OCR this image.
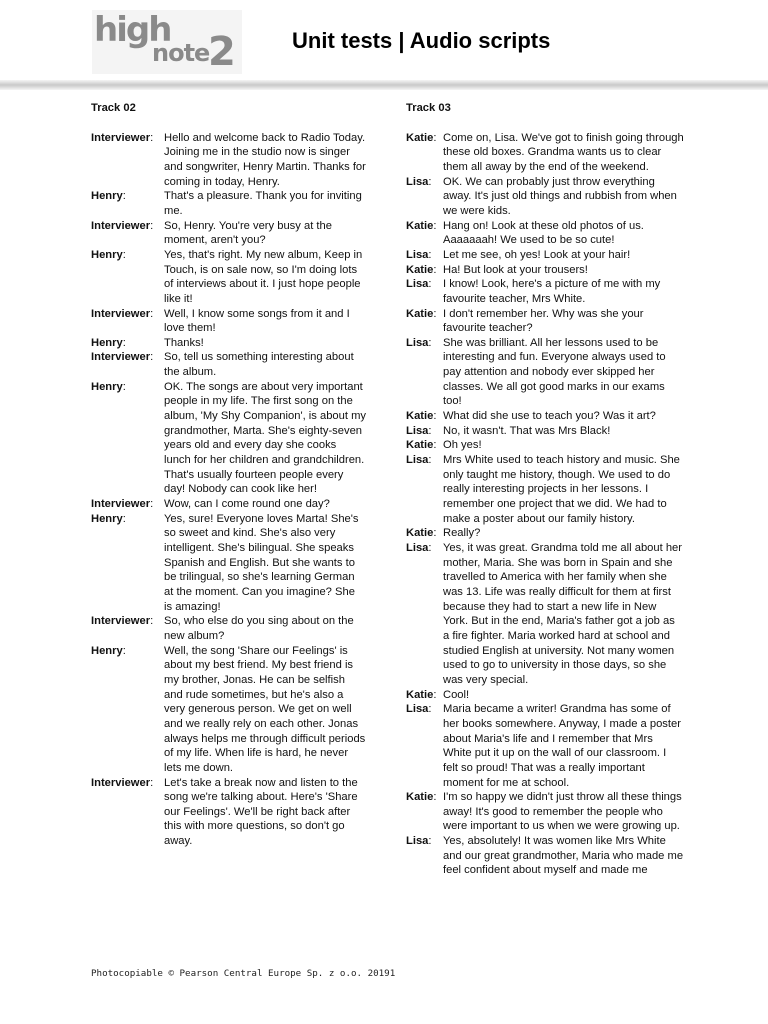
high
note
2	Unit tests | Audio scripts
Track 02
Interviewer: Hello and welcome back to Radio Today. Joining me in the studio now is singer and songwriter, Henry Martin. Thanks for coming in today, Henry.
Henry:	That's a pleasure. Thank you for inviting me.
Interviewer: So, Henry. You're very busy at the moment, aren't you?
Henry:	Yes, that's right. My new album, Keep in Touch, is on sale now, so I'm doing lots of interviews about it. I just hope people like it!
Interviewer: Well, I know some songs from it and I love them!
Henry:	Thanks!
Interviewer: So, tell us something interesting about the album.
Henry:	OK. The songs are about very important people in my life. The first song on the album, 'My Shy Companion', is about my grandmother, Marta. She's eighty-seven years old and every day she cooks lunch for her children and grandchildren. That's usually fourteen people every day! Nobody can cook like her!
Interviewer: Wow, can I come round one day?
Henry:	Yes, sure! Everyone loves Marta! She's so sweet and kind. She's also very intelligent. She's bilingual. She speaks Spanish and English. But she wants to be trilingual, so she's learning German at the moment. Can you imagine? She is amazing!
Interviewer: So, who else do you sing about on the new album?
Henry:	Well, the song 'Share our Feelings' is about my best friend. My best friend is my brother, Jonas. He can be selfish and rude sometimes, but he's also a very generous person. We get on well and we really rely on each other. Jonas always helps me through difficult periods of my life. When life is hard, he never lets me down.
Interviewer: Let's take a break now and listen to the song we're talking about. Here's 'Share our Feelings'. We'll be right back after this with more questions, so don't go away.
Track 03
Katie: Come on, Lisa. We've got to finish going through these old boxes. Grandma wants us to clear them all away by the end of the weekend.
Lisa:	OK. We can probably just throw everything away. It's just old things and rubbish from when we were kids.
Katie: Hang on! Look at these old photos of us. Aaaaaaah! We used to be so cute!
Lisa:	Let me see, oh yes! Look at your hair!
Katie: Ha! But look at your trousers!
Lisa:	I know! Look, here's a picture of me with my favourite teacher, Mrs White.
Katie: I don't remember her. Why was she your favourite teacher?
Lisa:	She was brilliant. All her lessons used to be interesting and fun. Everyone always used to pay attention and nobody ever skipped her classes. We all got good marks in our exams too!
Katie: What did she use to teach you? Was it art?
Lisa:	No, it wasn't. That was Mrs Black!
Katie: Oh yes!
Lisa:	Mrs White used to teach history and music. She only taught me history, though. We used to do really interesting projects in her lessons. I remember one project that we did. We had to make a poster about our family history.
Katie: Really?
Lisa:	Yes, it was great. Grandma told me all about her mother, Maria. She was born in Spain and she travelled to America with her family when she was 13. Life was really difficult for them at first because they had to start a new life in New York. But in the end, Maria's father got a job as a fire fighter. Maria worked hard at school and studied English at university. Not many women used to go to university in those days, so she was very special.
Katie: Cool!
Lisa:	Maria became a writer! Grandma has some of her books somewhere. Anyway, I made a poster about Maria's life and I remember that Mrs White put it up on the wall of our classroom. I felt so proud! That was a really important moment for me at school.
Katie: I'm so happy we didn't just throw all these things away! It's good to remember the people who were important to us when we were growing up.
Lisa:	Yes, absolutely! It was women like Mrs White and our great grandmother, Maria who made me feel confident about myself and made me
Photocopiable © Pearson Central Europe Sp. z o.o. 20191
